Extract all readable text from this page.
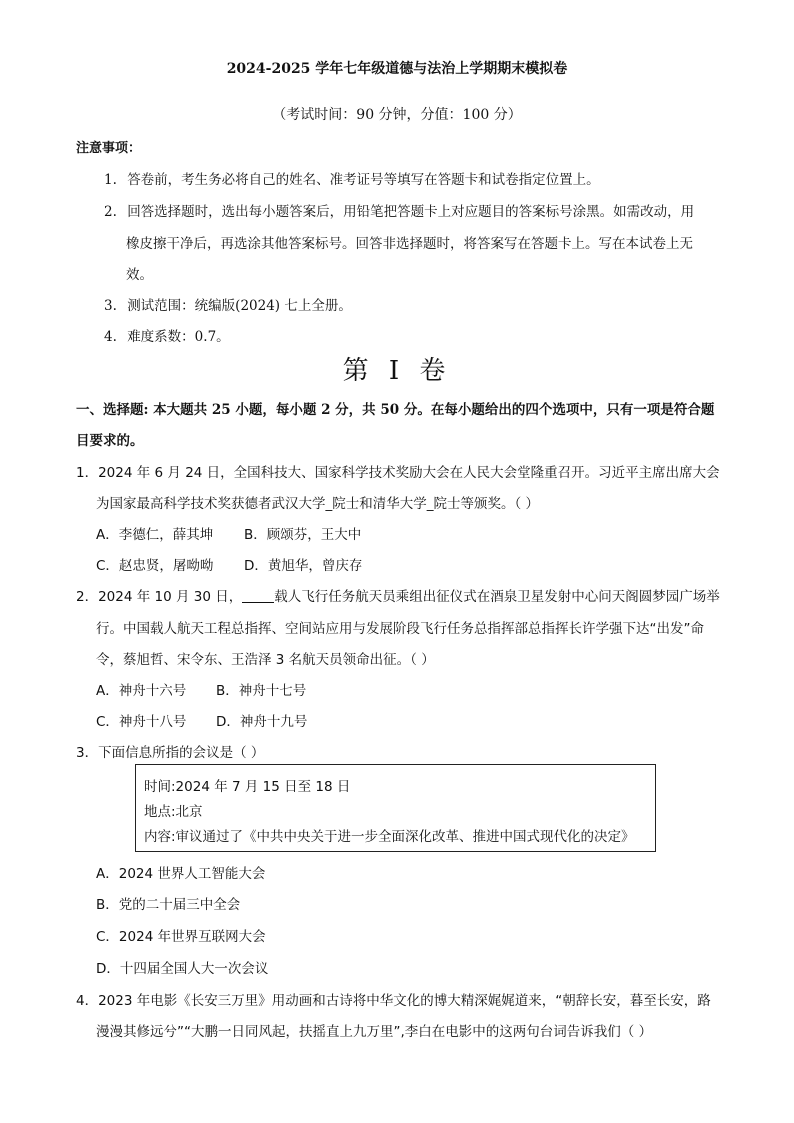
2024-2025 学年七年级道德与法治上学期期末模拟卷
（考试时间：90 分钟，分值：100 分）
注意事项：
1. 答卷前，考生务必将自己的姓名、准考证号等填写在答题卡和试卷指定位置上。
2. 回答选择题时，选出每小题答案后，用铅笔把答题卡上对应题目的答案标号涂黑。如需改动，用
橡皮擦干净后，再选涂其他答案标号。回答非选择题时，将答案写在答题卡上。写在本试卷上无
效。
3. 测试范围：统编版(2024) 七上全册。
4. 难度系数：0.7。
第 I 卷
一、选择题: 本大题共 25 小题，每小题 2 分，共 50 分。在每小题给出的四个选项中，只有一项是符合题
目要求的。
1．2024 年 6 月 24 日，全国科技大、国家科学技术奖励大会在人民大会堂隆重召开。习近平主席出席大会
为国家最高科学技术奖获德者武汉大学_院士和清华大学_院士等颁奖。（ ）
A．李德仁，薛其坤 B．顾颂芬，王大中
C．赵忠贤，屠呦呦 D．黄旭华，曾庆存
2．2024 年 10 月 30 日， 载人飞行任务航天员乘组出征仪式在酒泉卫星发射中心问天阁圆梦园广场举
行。中国载人航天工程总指挥、空间站应用与发展阶段飞行任务总指挥部总指挥长许学强下达“出发”命
令，蔡旭哲、宋令东、王浩泽 3 名航天员领命出征。（ ）
A．神舟十六号 B．神舟十七号
C．神舟十八号 D．神舟十九号
3．下面信息所指的会议是（ ）
时间:2024 年 7 月 15 日至 18 日
地点:北京
内容:审议通过了《中共中央关于进一步全面深化改革、推进中国式现代化的决定》
A．2024 世界人工智能大会
B．党的二十届三中全会
C．2024 年世界互联网大会
D．十四届全国人大一次会议
4．2023 年电影《长安三万里》用动画和古诗将中华文化的博大精深娓娓道来，“朝辞长安，暮至长安，路
漫漫其修远兮”“大鹏一日同风起，扶摇直上九万里”,李白在电影中的这两句台词告诉我们（ ）
